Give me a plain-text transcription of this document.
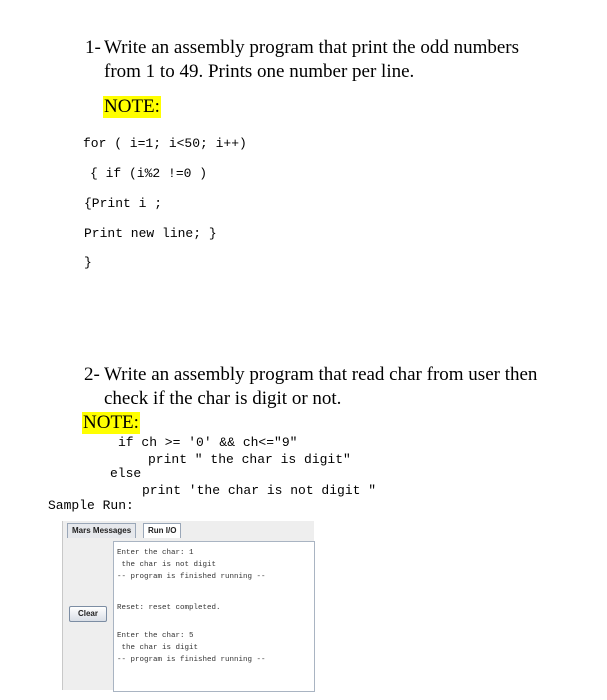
1- Write an assembly program that print the odd numbers
from 1 to 49. Prints one number per line.
NOTE:
for ( i=1; i<50; i++)
{ if (i%2 !=0 )
{Print i ;
Print new line; }
}
2- Write an assembly program that read char from user then
check if the char is digit or not.
NOTE:
if ch >= '0' && ch<="9"
print " the char is digit"
else
print 'the char is not digit "
Sample Run:
Mars Messages	Run I/O
Clear
Enter the char: 1
the char is not digit
-- program is finished running --
Reset: reset completed.
Enter the char: 5
the char is digit
-- program is finished running --
